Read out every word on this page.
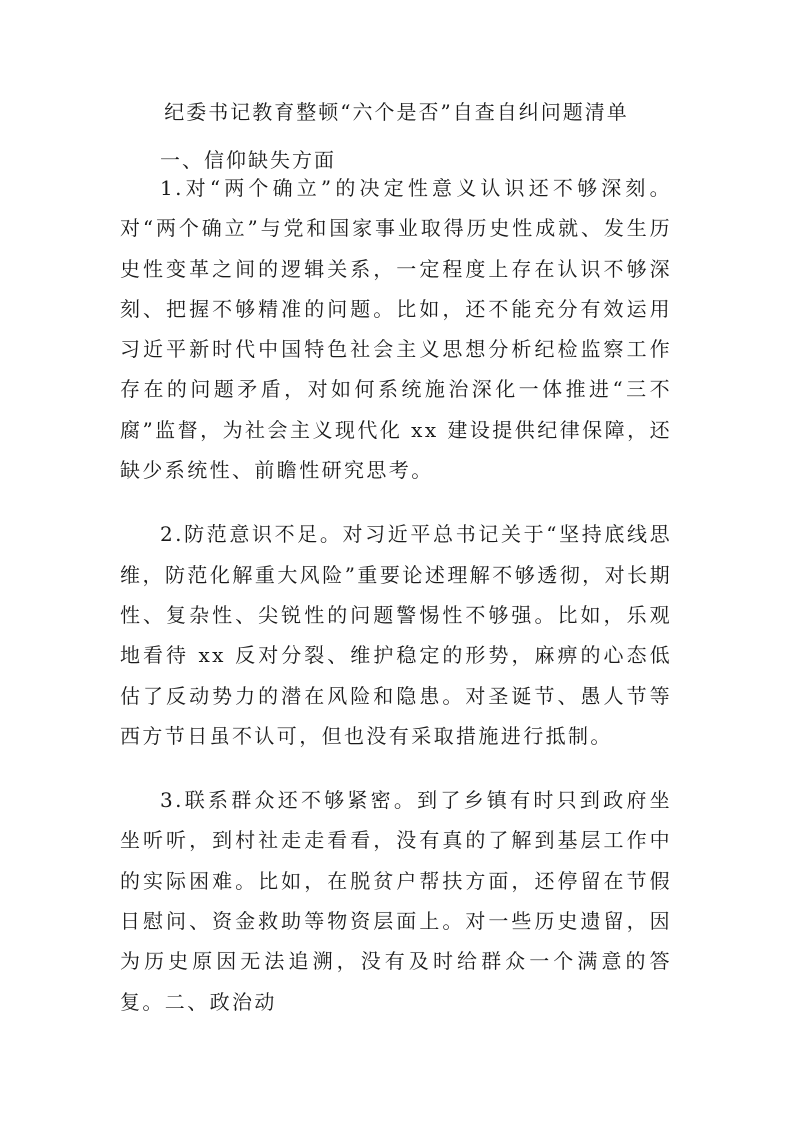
纪委书记教育整顿“六个是否”自查自纠问题清单
一、信仰缺失方面

1.对“两个确立”的决定性意义认识还不够深刻。对“两个确立”与党和国家事业取得历史性成就、发生历史性变革之间的逻辑关系，一定程度上存在认识不够深刻、把握不够精准的问题。比如，还不能充分有效运用习近平新时代中国特色社会主义思想分析纪检监察工作存在的问题矛盾，对如何系统施治深化一体推进“三不腐”监督，为社会主义现代化 xx 建设提供纪律保障，还缺少系统性、前瞻性研究思考。

2.防范意识不足。对习近平总书记关于“坚持底线思维，防范化解重大风险”重要论述理解不够透彻，对长期性、复杂性、尖锐性的问题警惕性不够强。比如，乐观地看待 xx 反对分裂、维护稳定的形势，麻痹的心态低估了反动势力的潜在风险和隐患。对圣诞节、愚人节等西方节日虽不认可，但也没有采取措施进行抵制。

3.联系群众还不够紧密。到了乡镇有时只到政府坐坐听听，到村社走走看看，没有真的了解到基层工作中的实际困难。比如，在脱贫户帮扶方面，还停留在节假日慰问、资金救助等物资层面上。对一些历史遗留，因为历史原因无法追溯，没有及时给群众一个满意的答复。二、政治动
